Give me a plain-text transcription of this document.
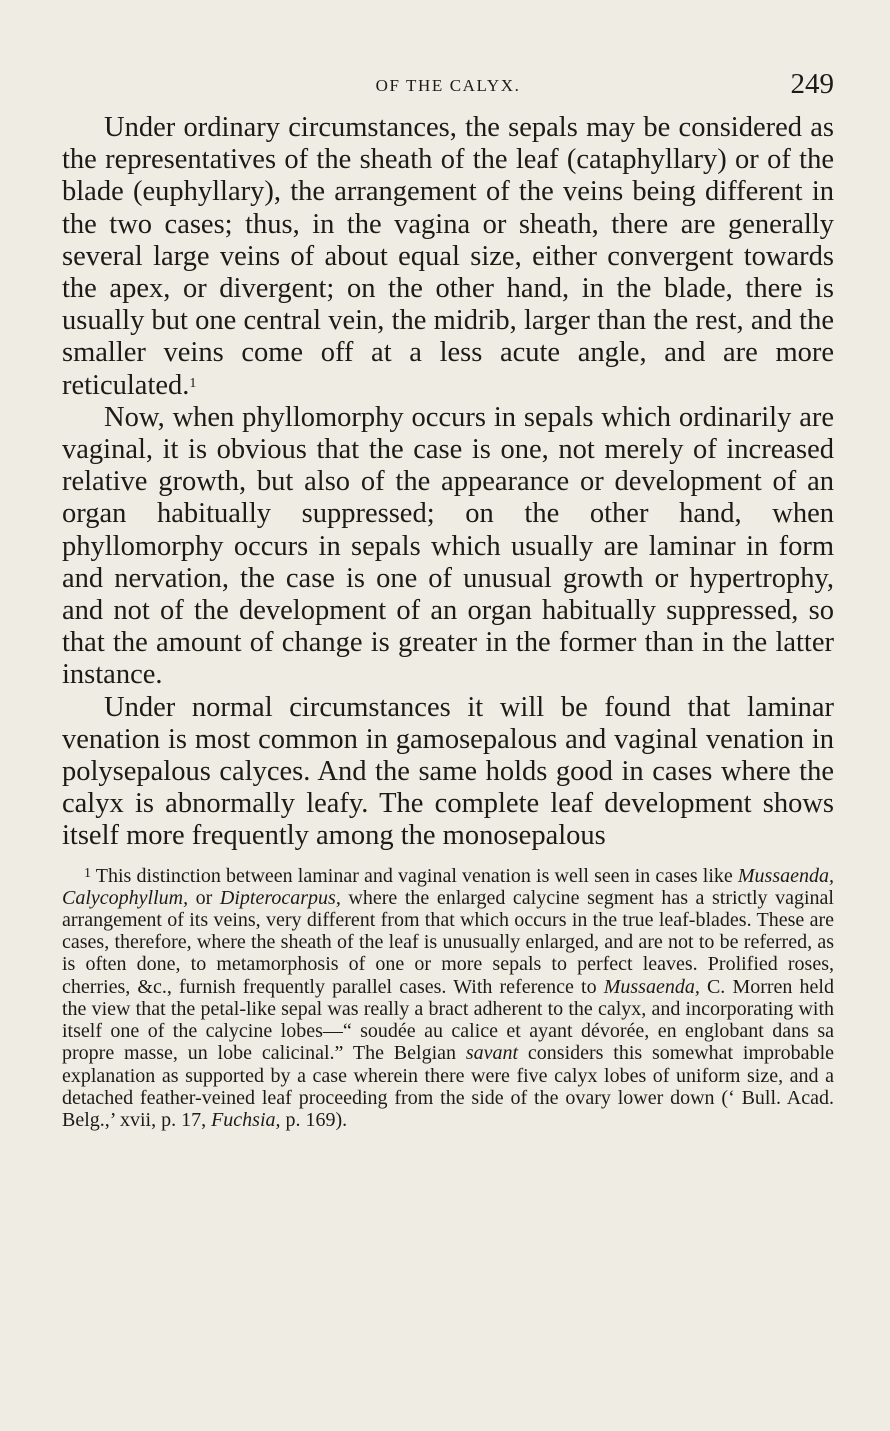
OF THE CALYX.	249

Under ordinary circumstances, the sepals may be considered as the representatives of the sheath of the leaf (cataphyllary) or of the blade (euphyllary), the arrangement of the veins being different in the two cases; thus, in the vagina or sheath, there are generally several large veins of about equal size, either convergent towards the apex, or divergent; on the other hand, in the blade, there is usually but one central vein, the midrib, larger than the rest, and the smaller veins come off at a less acute angle, and are more reticulated.$^1$

Now, when phyllomorphy occurs in sepals which ordinarily are vaginal, it is obvious that the case is one, not merely of increased relative growth, but also of the appearance or development of an organ habitually suppressed; on the other hand, when phyllomorphy occurs in sepals which usually are laminar in form and nervation, the case is one of unusual growth or hypertrophy, and not of the development of an organ habitually suppressed, so that the amount of change is greater in the former than in the latter instance.

Under normal circumstances it will be found that laminar venation is most common in gamosepalous and vaginal venation in polysepalous calyces. And the same holds good in cases where the calyx is abnormally leafy. The complete leaf development shows itself more frequently among the monosepalous

$^1$ This distinction between laminar and vaginal venation is well seen in cases like Mussaenda, Calycophyllum, or Dipterocarpus, where the enlarged calycine segment has a strictly vaginal arrangement of its veins, very different from that which occurs in the true leaf-blades. These are cases, therefore, where the sheath of the leaf is unusually enlarged, and are not to be referred, as is often done, to metamorphosis of one or more sepals to perfect leaves. Prolified roses, cherries, &c., furnish frequently parallel cases. With reference to Mussaenda, C. Morren held the view that the petal-like sepal was really a bract adherent to the calyx, and incorporating with itself one of the calycine lobes—“ soudée au calice et ayant dévorée, en englobant dans sa propre masse, un lobe calicinal.” The Belgian savant considers this somewhat improbable explanation as supported by a case wherein there were five calyx lobes of uniform size, and a detached feather-veined leaf proceeding from the side of the ovary lower down (‘ Bull. Acad. Belg.,’ xvii, p. 17, Fuchsia, p. 169).
